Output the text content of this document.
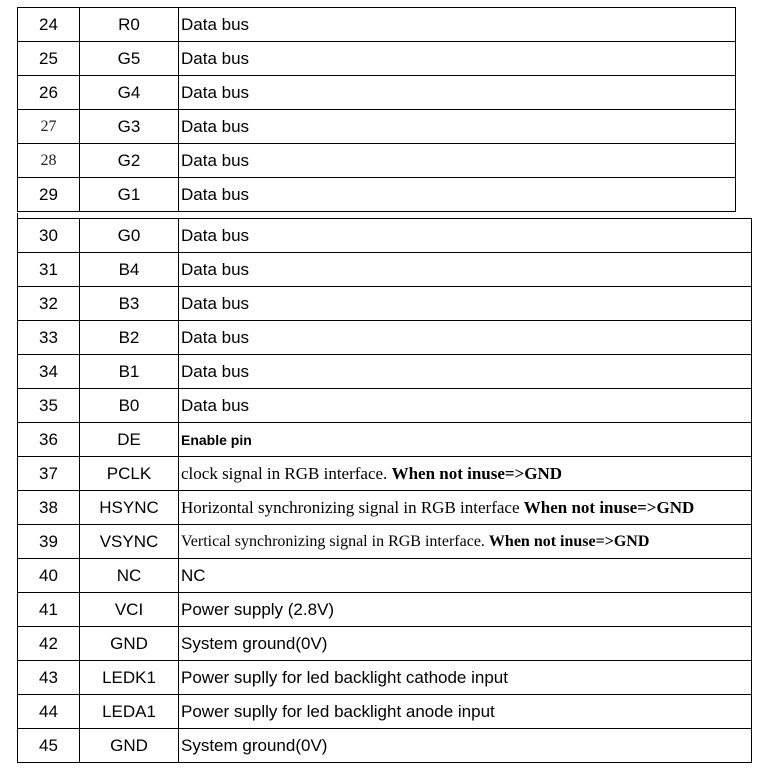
24	R0	Data bus
25	G5	Data bus
26	G4	Data bus
27	G3	Data bus
28	G2	Data bus
29	G1	Data bus
30	G0	Data bus
31	B4	Data bus
32	B3	Data bus
33	B2	Data bus
34	B1	Data bus
35	B0	Data bus
36	DE	Enable pin
37	PCLK	clock signal in RGB interface. When not inuse=>GND
38	HSYNC	Horizontal synchronizing signal in RGB interface When not inuse=>GND
39	VSYNC	Vertical synchronizing signal in RGB interface. When not inuse=>GND
40	NC	NC
41	VCI	Power supply (2.8V)
42	GND	System ground(0V)
43	LEDK1	Power suplly for led backlight cathode input
44	LEDA1	Power suplly for led backlight anode input
45	GND	System ground(0V)
